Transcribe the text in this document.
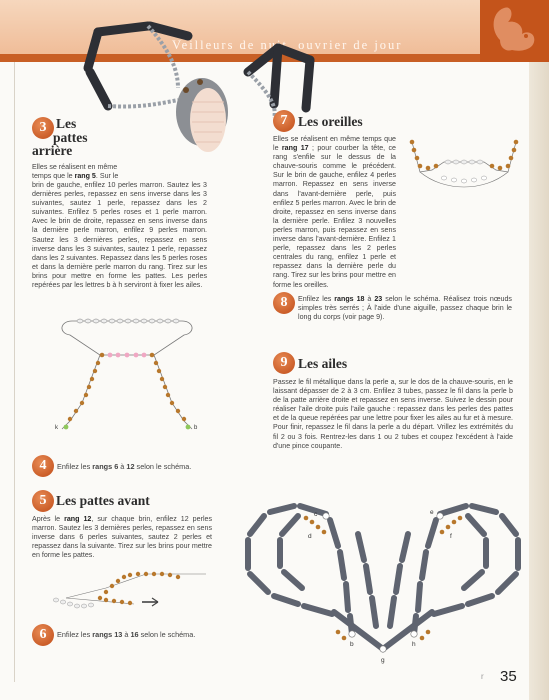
Veilleurs de nuit, ouvrier de jour
3 Les
pattes
arrière

Elles se réalisent en même

temps que le rang 5. Sur le

brin de gauche, enfilez 10 perles marron. Sautez les 3 dernières perles, repassez en sens inverse dans les 3 suivantes, sautez 1 perle, repassez dans les 2 suivantes. Enfilez 5 perles roses et 1 perle marron. Avec le brin de droite, repassez en sens inverse dans la dernière perle marron, enfilez 9 perles marron. Sautez les 3 dernières perles, repassez en sens inverse dans les 3 suivantes, sautez 1 perle, repassez dans les 2 suivantes. Repassez dans les 5 perles roses et dans la dernière perle marron du rang. Tirez sur les brins pour mettre en forme les pattes. Les perles repérées par les lettres b à h serviront à fixer les ailes.

k	b
4	Enfilez les rangs 6 à 12 selon le schéma.
5 Les pattes avant

Après le rang 12, sur chaque brin, enfilez 12 perles marron. Sautez les 3 dernières perles, repassez en sens inverse dans 6 perles suivantes, sautez 2 perles et repassez dans la suivante. Tirez sur les brins pour mettre en forme les pattes.

6	Enfilez les rangs 13 à 16 selon le schéma.
7 Les oreilles

Elles se réalisent en même temps que le rang 17 ; pour courber la tête, ce rang s'enfile sur le dessus de la chauve-souris comme le précédent. Sur le brin de gauche, enfilez 4 perles marron. Repassez en sens inverse dans l'avant-dernière perle, puis enfilez 5 perles marron. Avec le brin de droite, repassez en sens inverse dans la dernière perle. Enfilez 3 nouvelles perles marron, puis repassez en sens inverse dans l'avant-dernière. Enfilez 1 perle, repassez dans les 2 perles centrales du rang, enfilez 1 perle et repassez dans la dernière perle du rang. Tirez sur les brins pour mettre en forme les oreilles.

8	Enfilez les rangs 18 à 23 selon le schéma. Réalisez trois nœuds simples très serrés ; À l'aide d'une aiguille, passez chaque brin le long du corps (voir page 9).

9 Les ailes

Passez le fil métallique dans la perle a, sur le dos de la chauve-souris, en le laissant dépasser de 2 à 3 cm. Enfilez 3 tubes, passez le fil dans la perle b de la patte arrière droite et repassez en sens inverse. Suivez le dessin pour réaliser l'aile droite puis l'aile gauche : repassez dans les perles des pattes et de la queue repérées par une lettre pour fixer les ailes au fur et à mesure. Pour finir, repassez le fil dans la perle a du départ. Vrillez les extrémités du fil 2 ou 3 fois. Rentrez-les dans 1 ou 2 tubes et coupez l'excédent à l'aide d'une pince coupante.

c
d
b
g
h
e
f
r 35
